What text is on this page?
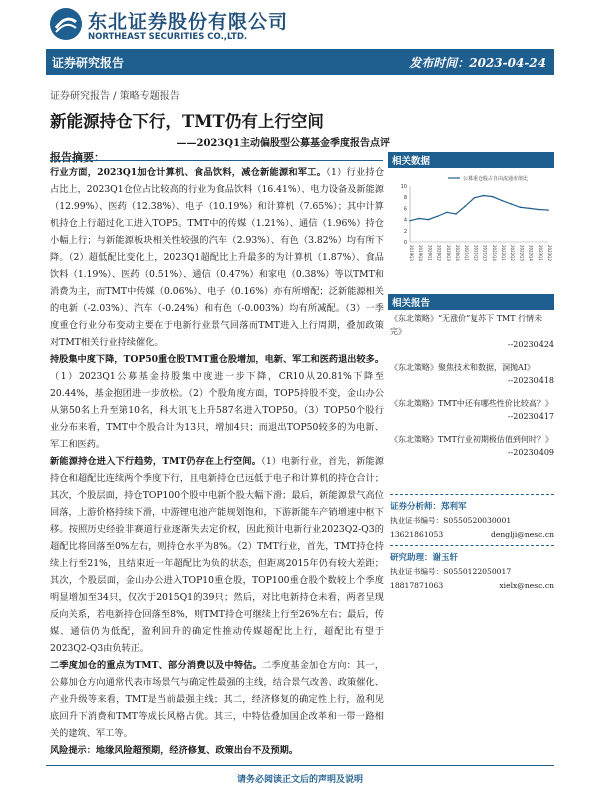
东北证券股份有限公司
NORTHEAST SECURITIES CO.,LTD.
证券研究报告	发布时间：2023-04-24
证券研究报告 / 策略专题报告
新能源持仓下行，TMT仍有上行空间
——2023Q1主动偏股型公募基金季度报告点评
报告摘要：

行业方面，2023Q1加仓计算机、食品饮料，减仓新能源和军工。（1）行业持仓占比上，2023Q1仓位占比较高的行业为食品饮料（16.41%）、电力设备及新能源（12.99%）、医药（12.38%）、电子（10.19%）和计算机（7.65%）；其中计算机持仓上行超过化工进入TOP5。TMT中的传媒（1.21%）、通信（1.96%）持仓小幅上行；与新能源板块相关性较强的汽车（2.93%）、有色（3.82%）均有所下降。（2）超低配比变化上，2023Q1超配比上升最多的为计算机（1.87%）、食品饮料（1.19%）、医药（0.51%）、通信（0.47%）和家电（0.38%）等以TMT和消费为主，而TMT中传媒（0.06%）、电子（0.16%）亦有所增配；泛新能源相关的电新（-2.03%）、汽车（-0.24%）和有色（-0.003%）均有所减配。（3）一季度重仓行业分布变动主要在于电新行业景气回落而TMT进入上行周期，叠加政策对TMT相关行业持续催化。

持股集中度下降，TOP50重仓股TMT重仓股增加，电新、军工和医药退出较多。（1）2023Q1公募基金持股集中度进一步下降，CR10从20.81%下降至20.44%，基金抱团进一步放松。（2）个股角度方面，TOP5持股不变，金山办公从第50名上升至第10名，科大讯飞上升587名进入TOP50。（3）TOP50个股行业分布来看，TMT中个股合计为13只，增加4只；而退出TOP50较多的为电新、军工和医药。

新能源持仓进入下行趋势，TMT仍存在上行空间。（1）电新行业，首先，新能源持仓和超配比连续两个季度下行，且电新持仓已远低于电子和计算机的持仓合计；其次，个股层面，持仓TOP100个股中电新个股大幅下滑；最后，新能源景气高位回落，上游价格持续下滑，中游锂电池产能规划饱和，下游新能车产销增速中枢下移。按照历史经验非赛道行业逐渐失去定价权，因此预计电新行业2023Q2-Q3的超配比将回落至0%左右，则持仓水平为8%。（2）TMT行业，首先，TMT持仓持续上行至21%，且结束近一年超配比为负的状态，但距离2015年仍有较大差距；其次，个股层面，金山办公进入TOP10重仓股，TOP100重仓股个数较上个季度明显增加至34只，仅次于2015Q1的39只；然后，对比电新持仓未看，两者呈现反向关系，若电新持仓回落至8%，则TMT持仓可继续上行至26%左右；最后，传媒、通信仍为低配，盈利回升的确定性推动传媒超配比上行，超配比有望于2023Q2-Q3由负转正。

二季度加仓的重点为TMT、部分消费以及中特估。二季度基金加仓方向：其一，公募加仓方向通常代表市场景气与确定性最强的主线，结合景气改善、政策催化、产业升级等来看，TMT是当前最强主线；其二，经济修复的确定性上行，盈利见底回升下消费和TMT等成长风格占优。其三，中特估叠加国企改革和一带一路相关的建筑、军工等。

风险提示：地缘风险超预期，经济修复、政策出台不及预期。

相关数据
0
2
4
6
8
10
2019Q3 2019Q4 2020Q1 2020Q2 2020Q3 2020Q4 2021Q1 2021Q2 2021Q3 2021Q4 2022Q1 2022Q2 2022Q3 2022Q4 2023Q1 2023Q2
公募重仓股占自由流通市值比
相关报告
《东北策略》“无涨价”复苏下 TMT 行情未完》
--20230424
《东北策略》聚焦技术和数据，洞抛AI》
--20230418
《东北策略》TMT中还有哪些性价比较高？》
--20230417
《东北策略》TMT行业初期极估值到何时？》
--20230409
证券分析师：郑利军
执业证书编号：S0550520030001
13621861053	denglji@nesc.cn
研究助理：谢玉轩
执业证书编号：S0550122050017
18817871063	xielx@nesc.cn
请务必阅读正文后的声明及说明
